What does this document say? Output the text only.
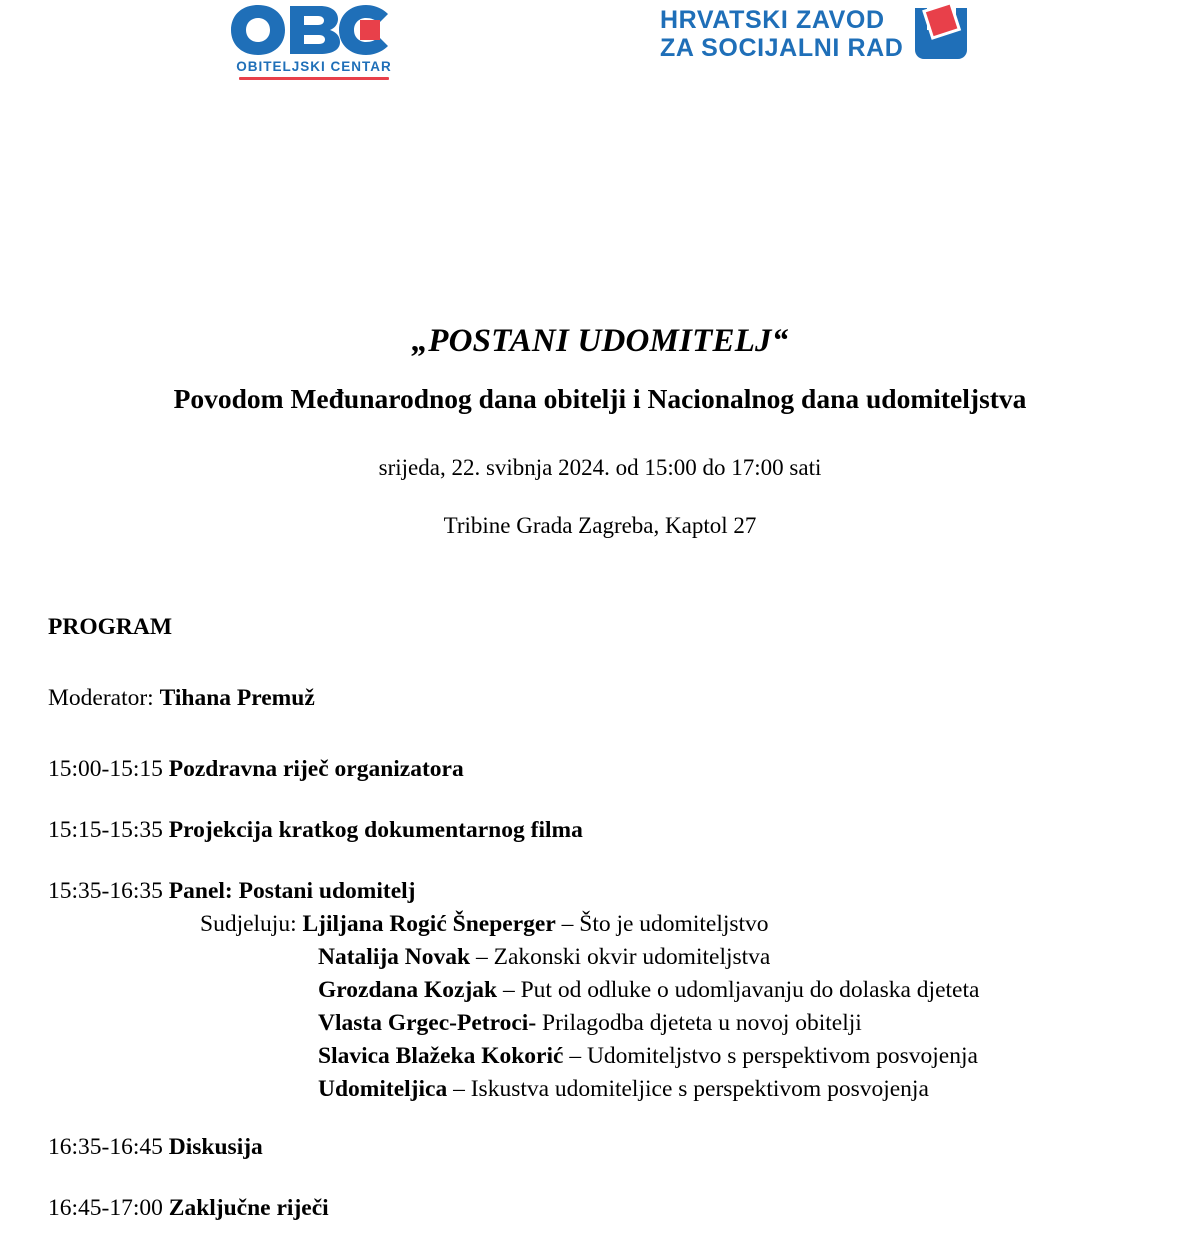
OBITELJSKI CENTAR
HRVATSKI ZAVOD
ZA SOCIJALNI RAD
„POSTANI UDOMITELJ“
Povodom Međunarodnog dana obitelji i Nacionalnog dana udomiteljstva

srijeda, 22. svibnja 2024. od 15:00 do 17:00 sati

Tribine Grada Zagreba, Kaptol 27

PROGRAM
Moderator: Tihana Premuž
15:00-15:15 Pozdravna riječ organizatora
15:15-15:35 Projekcija kratkog dokumentarnog filma
15:35-16:35 Panel: Postani udomitelj
Sudjeluju: Ljiljana Rogić Šneperger – Što je udomiteljstvo
Natalija Novak – Zakonski okvir udomiteljstva
Grozdana Kozjak – Put od odluke o udomljavanju do dolaska djeteta
Vlasta Grgec-Petroci- Prilagodba djeteta u novoj obitelji
Slavica Blažeka Kokorić – Udomiteljstvo s perspektivom posvojenja
Udomiteljica – Iskustva udomiteljice s perspektivom posvojenja
16:35-16:45 Diskusija
16:45-17:00 Zaključne riječi
